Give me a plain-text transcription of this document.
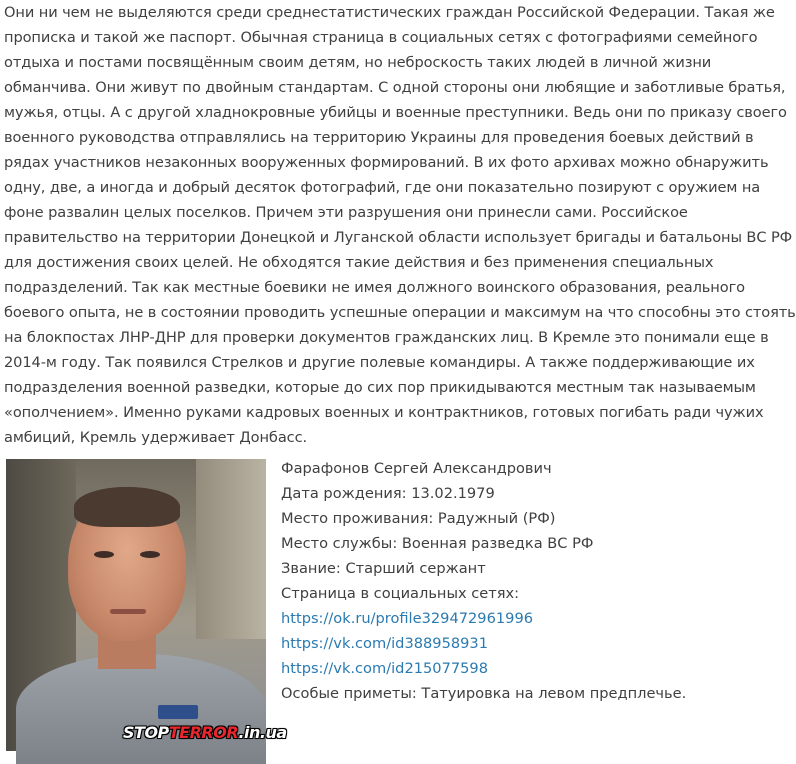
Они ни чем не выделяются среди среднестатистических граждан Российской Федерации. Такая же
прописка и такой же паспорт. Обычная страница в социальных сетях с фотографиями семейного
отдыха и постами посвящённым своим детям, но неброскость таких людей в личной жизни
обманчива. Они живут по двойным стандартам. С одной стороны они любящие и заботливые братья,
мужья, отцы. А с другой хладнокровные убийцы и военные преступники. Ведь они по приказу своего
военного руководства отправлялись на территорию Украины для проведения боевых действий в
рядах участников незаконных вооруженных формирований. В их фото архивах можно обнаружить
одну, две, а иногда и добрый десяток фотографий, где они показательно позируют с оружием на
фоне развалин целых поселков. Причем эти разрушения они принесли сами. Российское
правительство на территории Донецкой и Луганской области использует бригады и батальоны ВС РФ
для достижения своих целей. Не обходятся такие действия и без применения специальных
подразделений. Так как местные боевики не имея должного воинского образования, реального
боевого опыта, не в состоянии проводить успешные операции и максимум на что способны это стоять
на блокпостах ЛНР-ДНР для проверки документов гражданских лиц. В Кремле это понимали еще в
2014-м году. Так появился Стрелков и другие полевые командиры. А также поддерживающие их
подразделения военной разведки, которые до сих пор прикидываются местным так называемым
«ополчением». Именно руками кадровых военных и контрактников, готовых погибать ради чужих
амбиций, Кремль удерживает Донбасс.

STOPTERROR.in.ua
Фарафонов Сергей Александрович
Дата рождения: 13.02.1979
Место проживания: Радужный (РФ)
Место службы: Военная разведка ВС РФ
Звание: Старший сержант
Страница в социальных сетях:
https://ok.ru/profile329472961996
https://vk.com/id388958931
https://vk.com/id215077598
Особые приметы: Татуировка на левом предплечье.
